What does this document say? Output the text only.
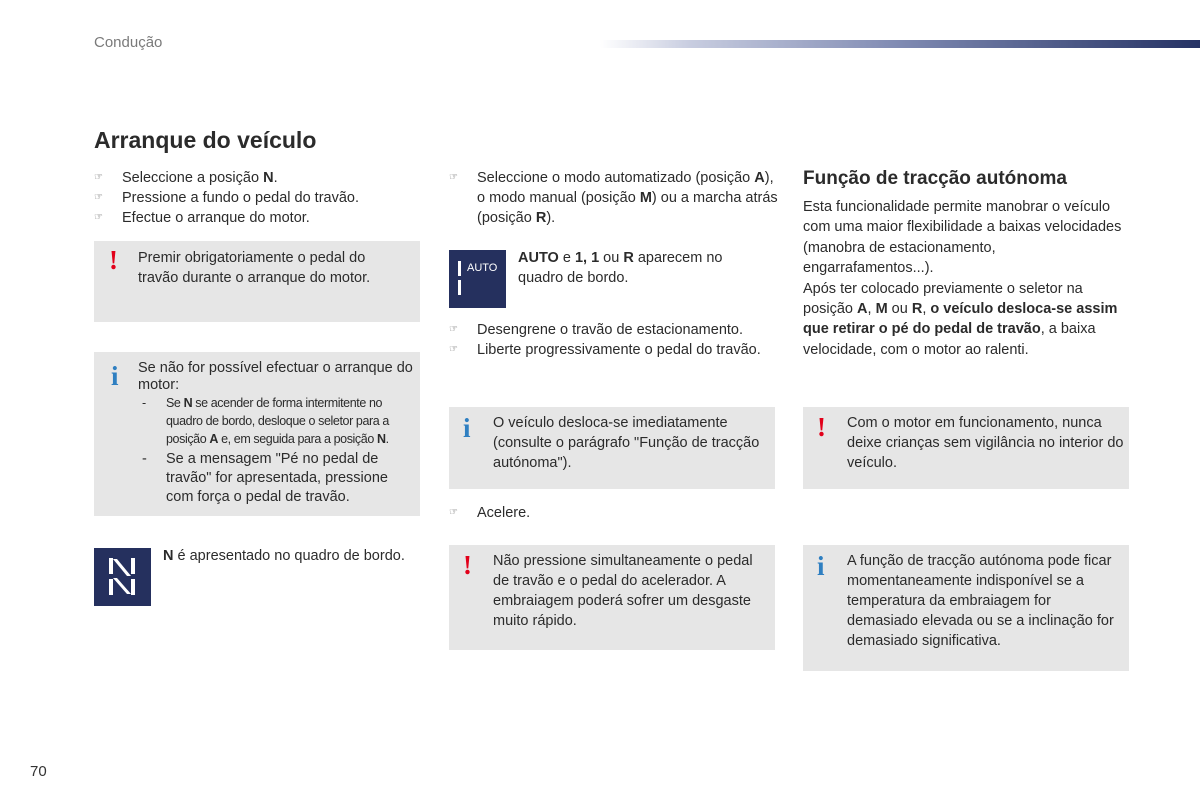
Condução
Arranque do veículo
☞ Seleccione a posição N.
☞ Pressione a fundo o pedal do travão.
☞ Efectue o arranque do motor.
! Premir obrigatoriamente o pedal do travão durante o arranque do motor.
i Se não for possível efectuar o arranque do motor:
- Se N se acender de forma intermitente no quadro de bordo, desloque o seletor para a posição A e, em seguida para a posição N.
- Se a mensagem "Pé no pedal de travão" for apresentada, pressione com força o pedal de travão.
N é apresentado no quadro de bordo.
☞ Seleccione o modo automatizado (posição A), o modo manual (posição M) ou a marcha atrás (posição R).
AUTO
AUTO e 1, 1 ou R aparecem no quadro de bordo.
☞ Desengrene o travão de estacionamento.
☞ Liberte progressivamente o pedal do travão.
i O veículo desloca-se imediatamente (consulte o parágrafo "Função de tracção autónoma").
☞ Acelere.
! Não pressione simultaneamente o pedal de travão e o pedal do acelerador. A embraiagem poderá sofrer um desgaste muito rápido.
Função de tracção autónoma

Esta funcionalidade permite manobrar o veículo com uma maior flexibilidade a baixas velocidades (manobra de estacionamento, engarrafamentos...).
Após ter colocado previamente o seletor na posição A, M ou R, o veículo desloca-se assim que retirar o pé do pedal de travão, a baixa velocidade, com o motor ao ralenti.

! Com o motor em funcionamento, nunca deixe crianças sem vigilância no interior do veículo.
i A função de tracção autónoma pode ficar momentaneamente indisponível se a temperatura da embraiagem for demasiado elevada ou se a inclinação for demasiado significativa.
70
